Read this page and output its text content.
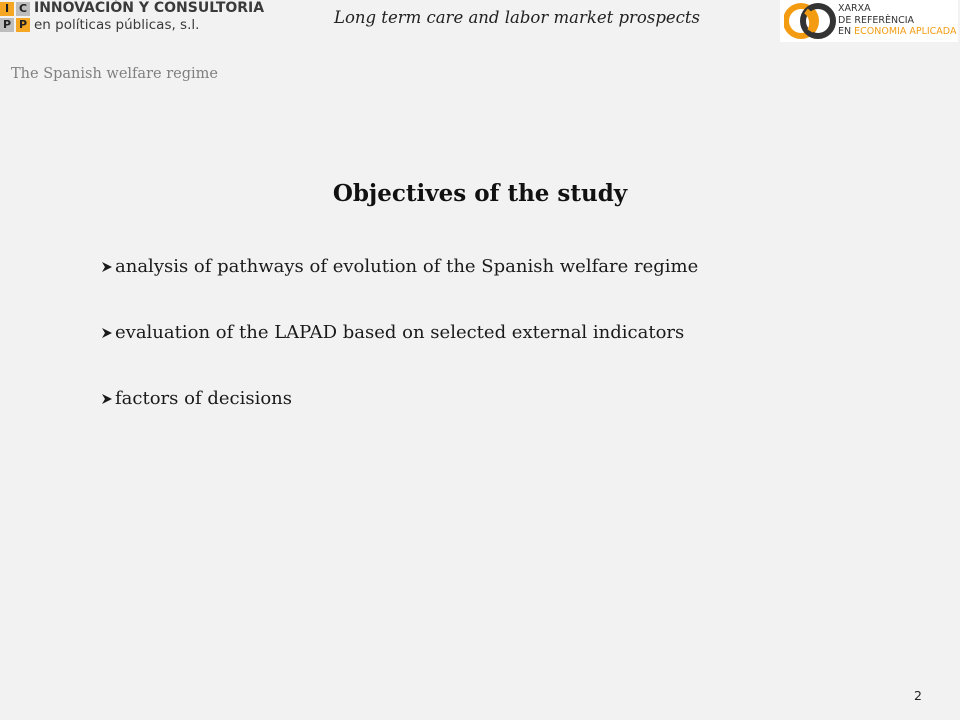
I C
P P
INNOVACIÓN Y CONSULTORIA
en políticas públicas, s.l.	Long term care and labor market prospects	XARXA
DE REFERÈNCIA
EN ECONOMIA APLICADA
The Spanish welfare regime
Objectives of the study
analysis of pathways of evolution of the Spanish welfare regime
evaluation of the LAPAD based on selected external indicators
factors of decisions
2
